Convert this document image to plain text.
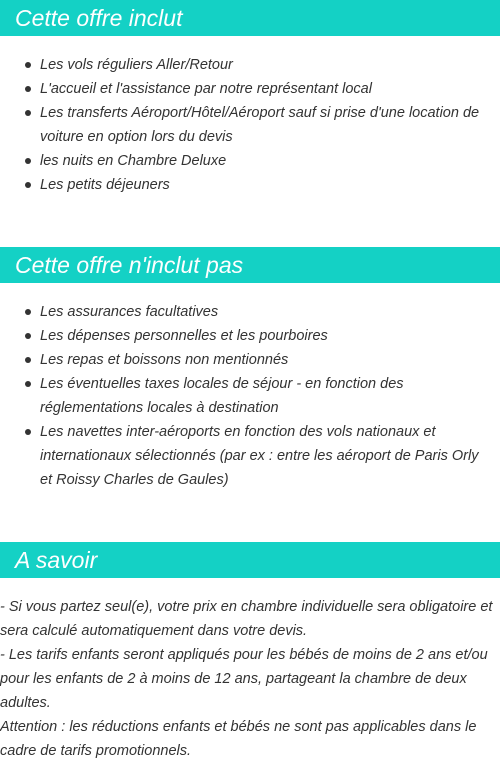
Cette offre inclut
Les vols réguliers Aller/Retour
L'accueil et l'assistance par notre représentant local
Les transferts Aéroport/Hôtel/Aéroport sauf si prise d'une location de voiture en option lors du devis
les nuits en Chambre Deluxe
Les petits déjeuners
Cette offre n'inclut pas
Les assurances facultatives
Les dépenses personnelles et les pourboires
Les repas et boissons non mentionnés
Les éventuelles taxes locales de séjour - en fonction des réglementations locales à destination
Les navettes inter-aéroports en fonction des vols nationaux et internationaux sélectionnés (par ex : entre les aéroport de Paris Orly et Roissy Charles de Gaules)
A savoir

- Si vous partez seul(e), votre prix en chambre individuelle sera obligatoire et sera calculé automatiquement dans votre devis.

- Les tarifs enfants seront appliqués pour les bébés de moins de 2 ans et/ou pour les enfants de 2 à moins de 12 ans, partageant la chambre de deux adultes.

Attention : les réductions enfants et bébés ne sont pas applicables dans le cadre de tarifs promotionnels.
